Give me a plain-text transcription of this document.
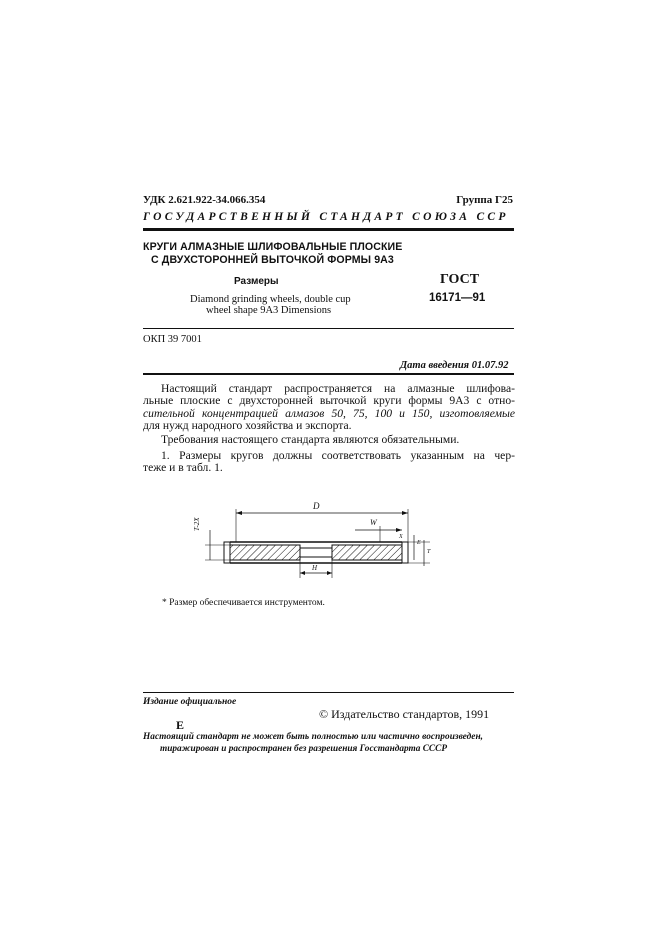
УДК 2.621.922-34.066.354	Группа Г25
ГОСУДАРСТВЕННЫЙ СТАНДАРТ СОЮЗА ССР
КРУГИ АЛМАЗНЫЕ ШЛИФОВАЛЬНЫЕ ПЛОСКИЕ
С ДВУХСТОРОННЕЙ ВЫТОЧКОЙ ФОРМЫ 9А3
Размеры	ГОСТ
16171—91
Diamond grinding wheels, double cup
wheel shape 9A3 Dimensions
ОКП 39 7001
Дата введения 01.07.92
Настоящий стандарт распространяется на алмазные шлифова-
льные плоские с двухсторонней выточкой круги формы 9А3 с отно-
сительной концентрацией алмазов 50, 75, 100 и 150, изготовляемые
для нужд народного хозяйства и экспорта.
Требования настоящего стандарта являются обязательными.
1. Размеры кругов должны соответствовать указанным на чер-
теже и в табл. 1.
D
W
T-2X
H
X
E
T
* Размер обеспечивается инструментом.
Издание официальное
© Издательство стандартов, 1991
Е
Настоящий стандарт не может быть полностью или частично воспроизведен,
тиражирован и распространен без разрешения Госстандарта СССР
